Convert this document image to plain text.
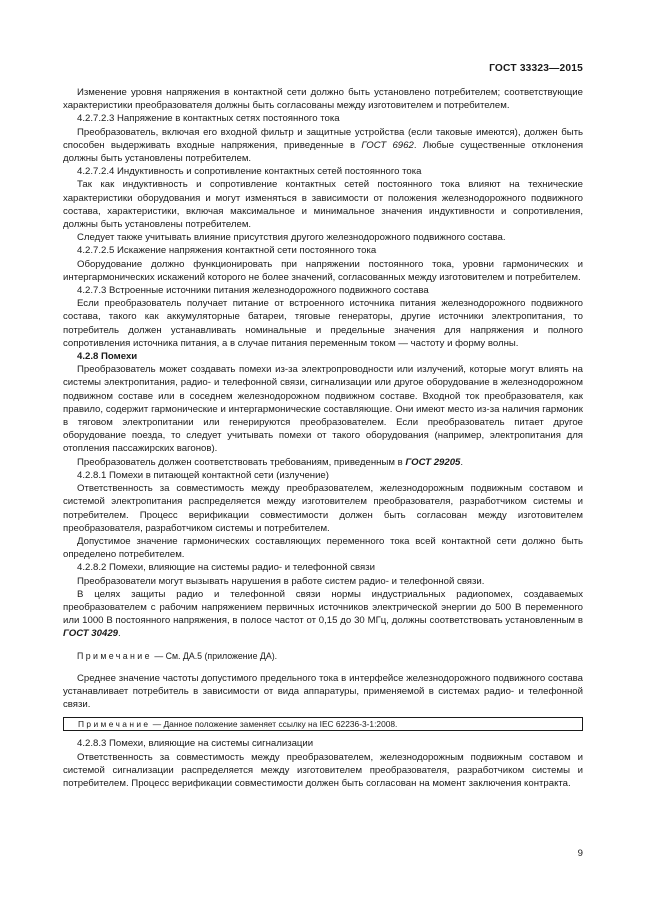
ГОСТ 33323—2015

Изменение уровня напряжения в контактной сети должно быть установлено потребителем; соответствующие характеристики преобразователя должны быть согласованы между изготовителем и потребителем.

4.2.7.2.3 Напряжение в контактных сетях постоянного тока

Преобразователь, включая его входной фильтр и защитные устройства (если таковые имеются), должен быть способен выдерживать входные напряжения, приведенные в ГОСТ 6962. Любые существенные отклонения должны быть установлены потребителем.

4.2.7.2.4 Индуктивность и сопротивление контактных сетей постоянного тока

Так как индуктивность и сопротивление контактных сетей постоянного тока влияют на технические характеристики оборудования и могут изменяться в зависимости от положения железнодорожного подвижного состава, характеристики, включая максимальное и минимальное значения индуктивности и сопротивления, должны быть установлены потребителем.

Следует также учитывать влияние присутствия другого железнодорожного подвижного состава.

4.2.7.2.5 Искажение напряжения контактной сети постоянного тока

Оборудование должно функционировать при напряжении постоянного тока, уровни гармонических и интергармонических искажений которого не более значений, согласованных между изготовителем и потребителем.

4.2.7.3 Встроенные источники питания железнодорожного подвижного состава

Если преобразователь получает питание от встроенного источника питания железнодорожного подвижного состава, такого как аккумуляторные батареи, тяговые генераторы, другие источники электропитания, то потребитель должен устанавливать номинальные и предельные значения для напряжения и полного сопротивления источника питания, а в случае питания переменным током — частоту и форму волны.

4.2.8 Помехи

Преобразователь может создавать помехи из-за электропроводности или излучений, которые могут влиять на системы электропитания, радио- и телефонной связи, сигнализации или другое оборудование в железнодорожном подвижном составе или в соседнем железнодорожном подвижном составе. Входной ток преобразователя, как правило, содержит гармонические и интергармонические составляющие. Они имеют место из-за наличия гармоник в тяговом электропитании или генерируются преобразователем. Если преобразователь питает другое оборудование поезда, то следует учитывать помехи от такого оборудования (например, электропитания для отопления пассажирских вагонов).

Преобразователь должен соответствовать требованиям, приведенным в ГОСТ 29205.

4.2.8.1 Помехи в питающей контактной сети (излучение)

Ответственность за совместимость между преобразователем, железнодорожным подвижным составом и системой электропитания распределяется между изготовителем преобразователя, разработчиком системы и потребителем. Процесс верификации совместимости должен быть согласован между изготовителем преобразователя, разработчиком системы и потребителем.

Допустимое значение гармонических составляющих переменного тока всей контактной сети должно быть определено потребителем.

4.2.8.2 Помехи, влияющие на системы радио- и телефонной связи

Преобразователи могут вызывать нарушения в работе систем радио- и телефонной связи.

В целях защиты радио и телефонной связи нормы индустриальных радиопомех, создаваемых преобразователем с рабочим напряжением первичных источников электрической энергии до 500 В переменного или 1000 В постоянного напряжения, в полосе частот от 0,15 до 30 МГц, должны соответствовать установленным в ГОСТ 30429.

Примечание — См. ДА.5 (приложение ДА).

Среднее значение частоты допустимого предельного тока в интерфейсе железнодорожного подвижного состава устанавливает потребитель в зависимости от вида аппаратуры, применяемой в системах радио- и телефонной связи.

Примечание — Данное положение заменяет ссылку на IEC 62236-3-1:2008.

4.2.8.3 Помехи, влияющие на системы сигнализации

Ответственность за совместимость между преобразователем, железнодорожным подвижным составом и системой сигнализации распределяется между изготовителем преобразователя, разработчиком системы и потребителем. Процесс верификации совместимости должен быть согласован на момент заключения контракта.

9
